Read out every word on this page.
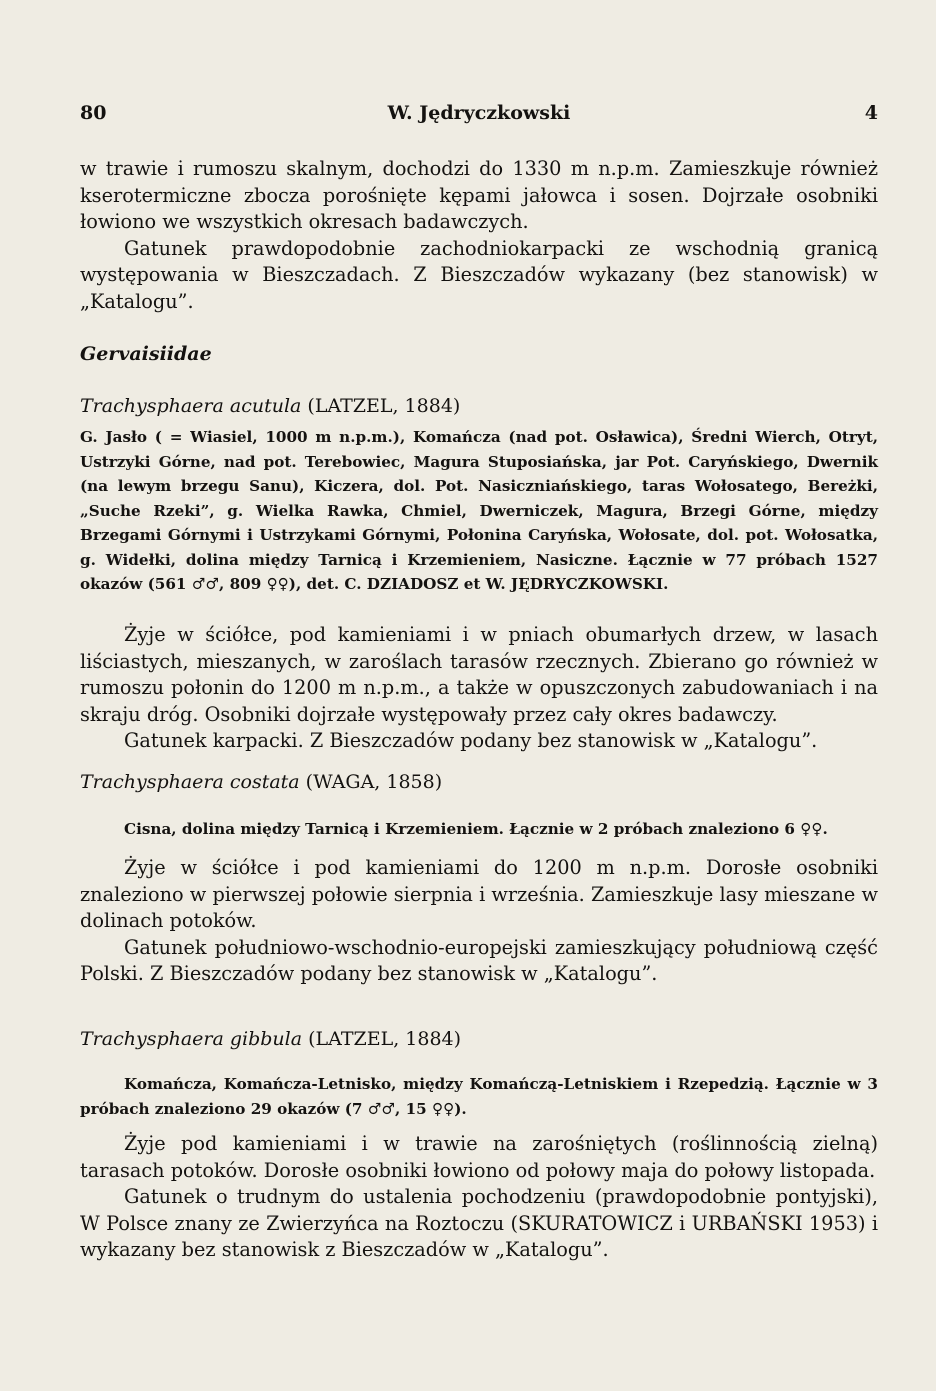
80	W. Jędryczkowski	4

w trawie i rumoszu skalnym, dochodzi do 1330 m n.p.m. Zamieszkuje również kserotermiczne zbocza porośnięte kępami jałowca i sosen. Dojrzałe osobniki łowiono we wszystkich okresach badawczych.

Gatunek prawdopodobnie zachodniokarpacki ze wschodnią granicą występowania w Bieszczadach. Z Bieszczadów wykazany (bez stanowisk) w „Katalogu”.

Gervaisiidae

Trachysphaera acutula (LATZEL, 1884)

G. Jasło ( = Wiasiel, 1000 m n.p.m.), Komańcza (nad pot. Osławica), Średni Wierch, Otryt, Ustrzyki Górne, nad pot. Terebowiec, Magura Stuposiańska, jar Pot. Caryńskiego, Dwernik (na lewym brzegu Sanu), Kiczera, dol. Pot. Nasiczniańskiego, taras Wołosatego, Bereżki, „Suche Rzeki”, g. Wielka Rawka, Chmiel, Dwerniczek, Magura, Brzegi Górne, między Brzegami Górnymi i Ustrzykami Górnymi, Połonina Caryńska, Wołosate, dol. pot. Wołosatka, g. Widełki, dolina między Tarnicą i Krzemieniem, Nasiczne. Łącznie w 77 próbach 1527 okazów (561 ♂♂, 809 ♀♀), det. C. DZIADOSZ et W. JĘDRYCZKOWSKI.

Żyje w ściółce, pod kamieniami i w pniach obumarłych drzew, w lasach liściastych, mieszanych, w zaroślach tarasów rzecznych. Zbierano go również w rumoszu połonin do 1200 m n.p.m., a także w opuszczonych zabudowaniach i na skraju dróg. Osobniki dojrzałe występowały przez cały okres badawczy.

Gatunek karpacki. Z Bieszczadów podany bez stanowisk w „Katalogu”.

Trachysphaera costata (WAGA, 1858)

Cisna, dolina między Tarnicą i Krzemieniem. Łącznie w 2 próbach znaleziono 6 ♀♀.

Żyje w ściółce i pod kamieniami do 1200 m n.p.m. Dorosłe osobniki znaleziono w pierwszej połowie sierpnia i września. Zamieszkuje lasy mieszane w dolinach potoków.

Gatunek południowo-wschodnio-europejski zamieszkujący południową część Polski. Z Bieszczadów podany bez stanowisk w „Katalogu”.

Trachysphaera gibbula (LATZEL, 1884)

Komańcza, Komańcza-Letnisko, między Komańczą-Letniskiem i Rzepedzią. Łącznie w 3 próbach znaleziono 29 okazów (7 ♂♂, 15 ♀♀).

Żyje pod kamieniami i w trawie na zarośniętych (roślinnością zielną) tarasach potoków. Dorosłe osobniki łowiono od połowy maja do połowy listopada.

Gatunek o trudnym do ustalenia pochodzeniu (prawdopodobnie pontyjski), W Polsce znany ze Zwierzyńca na Roztoczu (SKURATOWICZ i URBAŃSKI 1953) i wykazany bez stanowisk z Bieszczadów w „Katalogu”.
